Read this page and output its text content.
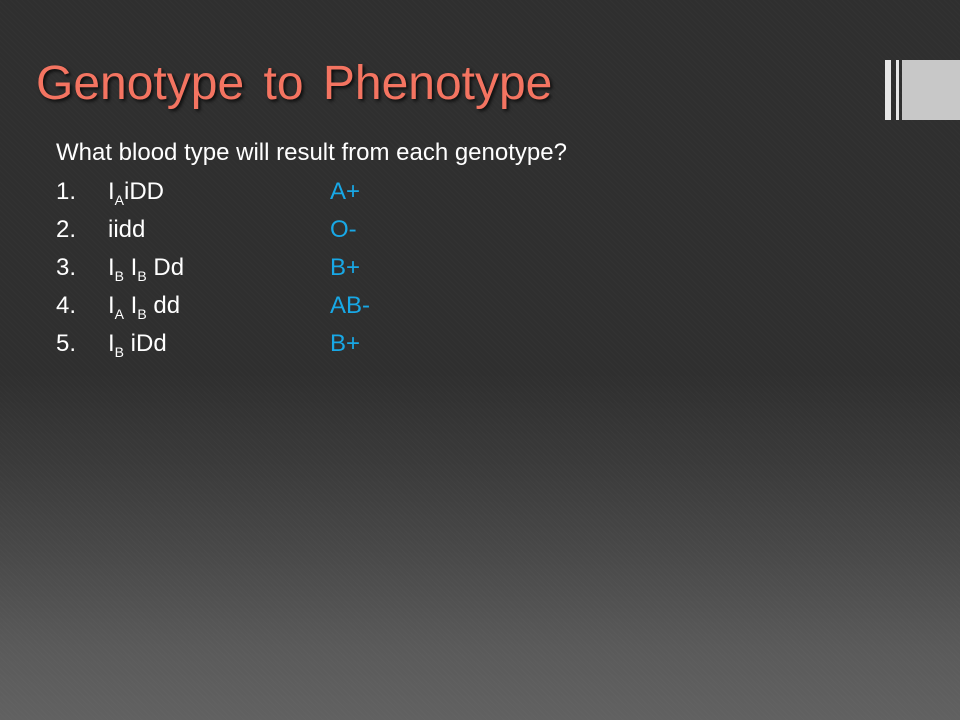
Genotype to Phenotype
What blood type will result from each genotype?
1. $I_AiDD$	A+
2. iidd	O-
3. $I_B$ $I_B$ Dd	B+
4. $I_A$ $I_B$ dd	AB-
5. $I_B$ iDd	B+
